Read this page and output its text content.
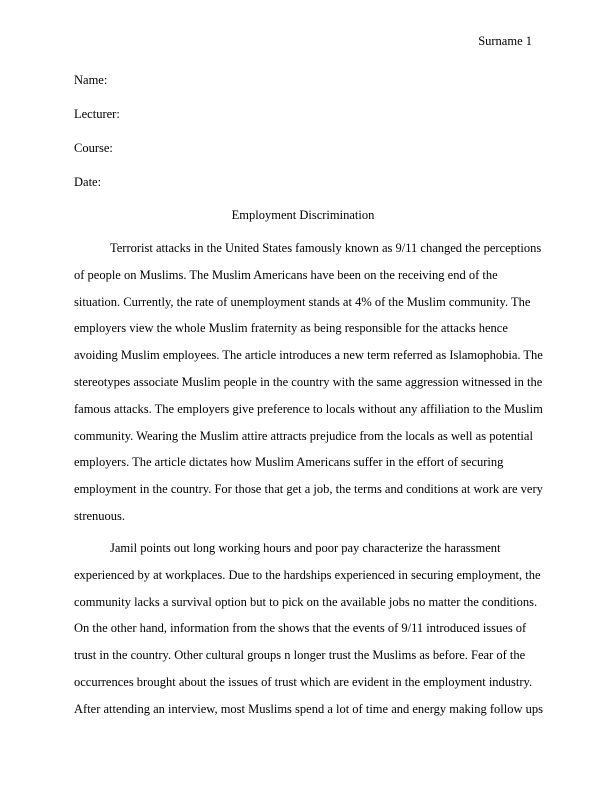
Surname 1
Name:
Lecturer:
Course:
Date:
Employment Discrimination
Terrorist attacks in the United States famously known as 9/11 changed the perceptions
of people on Muslims. The Muslim Americans have been on the receiving end of the
situation. Currently, the rate of unemployment stands at 4% of the Muslim community. The
employers view the whole Muslim fraternity as being responsible for the attacks hence
avoiding Muslim employees. The article introduces a new term referred as Islamophobia. The
stereotypes associate Muslim people in the country with the same aggression witnessed in the
famous attacks. The employers give preference to locals without any affiliation to the Muslim
community. Wearing the Muslim attire attracts prejudice from the locals as well as potential
employers. The article dictates how Muslim Americans suffer in the effort of securing
employment in the country. For those that get a job, the terms and conditions at work are very
strenuous.
Jamil points out long working hours and poor pay characterize the harassment
experienced by at workplaces. Due to the hardships experienced in securing employment, the
community lacks a survival option but to pick on the available jobs no matter the conditions.
On the other hand, information from the shows that the events of 9/11 introduced issues of
trust in the country. Other cultural groups n longer trust the Muslims as before. Fear of the
occurrences brought about the issues of trust which are evident in the employment industry.
After attending an interview, most Muslims spend a lot of time and energy making follow ups
